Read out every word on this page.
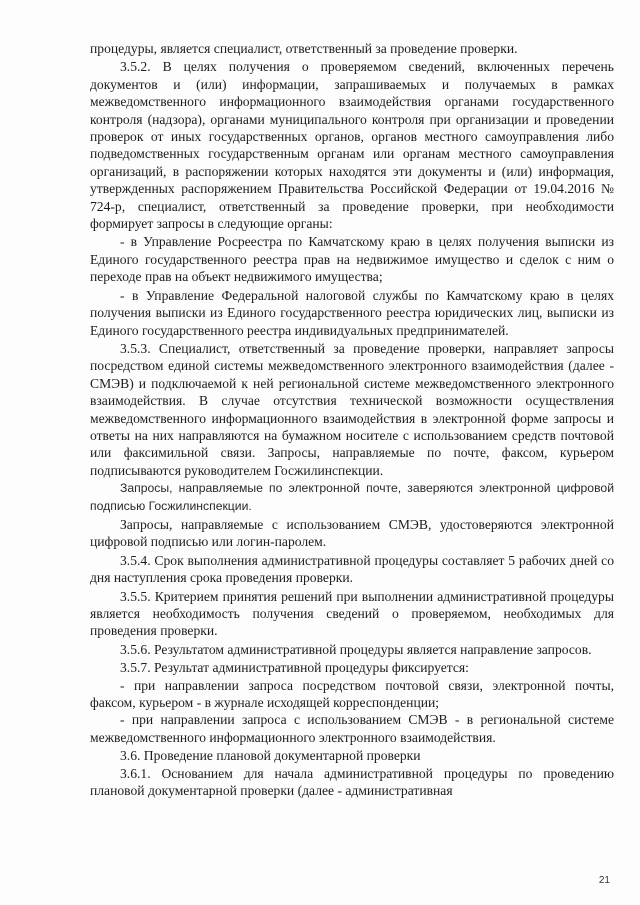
процедуры, является специалист, ответственный за проведение проверки.

3.5.2. В целях получения о проверяемом сведений, включенных перечень документов и (или) информации, запрашиваемых и получаемых в рамках межведомственного информационного взаимодействия органами государственного контроля (надзора), органами муниципального контроля при организации и проведении проверок от иных государственных органов, органов местного самоуправления либо подведомственных государственным органам или органам местного самоуправления организаций, в распоряжении которых находятся эти документы и (или) информация, утвержденных распоряжением Правительства Российской Федерации от 19.04.2016 № 724-р, специалист, ответственный за проведение проверки, при необходимости формирует запросы в следующие органы:

- в Управление Росреестра по Камчатскому краю в целях получения выписки из Единого государственного реестра прав на недвижимое имущество и сделок с ним о переходе прав на объект недвижимого имущества;

- в Управление Федеральной налоговой службы по Камчатскому краю в целях получения выписки из Единого государственного реестра юридических лиц, выписки из Единого государственного реестра индивидуальных предпринимателей.

3.5.3. Специалист, ответственный за проведение проверки, направляет запросы посредством единой системы межведомственного электронного взаимодействия (далее - СМЭВ) и подключаемой к ней региональной системе межведомственного электронного взаимодействия. В случае отсутствия технической возможности осуществления межведомственного информационного взаимодействия в электронной форме запросы и ответы на них направляются на бумажном носителе с использованием средств почтовой или факсимильной связи. Запросы, направляемые по почте, факсом, курьером подписываются руководителем Госжилинспекции.

Запросы, направляемые по электронной почте, заверяются электронной цифровой подписью Госжилинспекции.

Запросы, направляемые с использованием СМЭВ, удостоверяются электронной цифровой подписью или логин-паролем.

3.5.4. Срок выполнения административной процедуры составляет 5 рабочих дней со дня наступления срока проведения проверки.

3.5.5. Критерием принятия решений при выполнении административной процедуры является необходимость получения сведений о проверяемом, необходимых для проведения проверки.

3.5.6. Результатом административной процедуры является направление запросов.

3.5.7. Результат административной процедуры фиксируется:

- при направлении запроса посредством почтовой связи, электронной почты, факсом, курьером - в журнале исходящей корреспонденции;

- при направлении запроса с использованием СМЭВ - в региональной системе межведомственного информационного электронного взаимодействия.

3.6. Проведение плановой документарной проверки

3.6.1. Основанием для начала административной процедуры по проведению плановой документарной проверки (далее - административная

21
